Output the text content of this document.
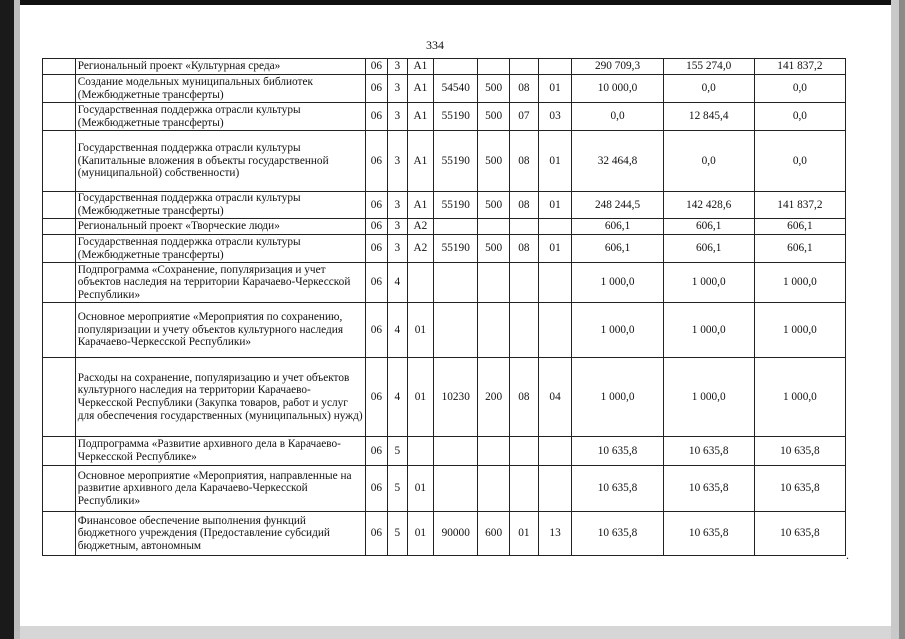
334
	Региональный проект «Культурная среда»	06	3	А1					290 709,3	155 274,0	141 837,2
	Создание модельных муниципальных библиотек (Межбюджетные трансферты)	06	3	А1	54540	500	08	01	10 000,0	0,0	0,0
	Государственная поддержка отрасли культуры (Межбюджетные трансферты)	06	3	А1	55190	500	07	03	0,0	12 845,4	0,0
	Государственная поддержка отрасли культуры (Капитальные вложения в объекты государственной (муниципальной) собственности)	06	3	А1	55190	500	08	01	32 464,8	0,0	0,0
	Государственная поддержка отрасли культуры (Межбюджетные трансферты)	06	3	А1	55190	500	08	01	248 244,5	142 428,6	141 837,2
	Региональный проект «Творческие люди»	06	3	А2					606,1	606,1	606,1
	Государственная поддержка отрасли культуры (Межбюджетные трансферты)	06	3	А2	55190	500	08	01	606,1	606,1	606,1
	Подпрограмма «Сохранение, популяризация и учет объектов наследия на территории Карачаево-Черкесской Республики»	06	4						1 000,0	1 000,0	1 000,0
	Основное мероприятие «Мероприятия по сохранению, популяризации и учету объектов культурного наследия Карачаево-Черкесской Республики»	06	4	01					1 000,0	1 000,0	1 000,0
	Расходы на сохранение, популяризацию и учет объектов культурного наследия на территории Карачаево-Черкесской Республики (Закупка товаров, работ и услуг для обеспечения государственных (муниципальных) нужд)	06	4	01	10230	200	08	04	1 000,0	1 000,0	1 000,0
	Подпрограмма «Развитие архивного дела в Карачаево-Черкесской Республике»	06	5						10 635,8	10 635,8	10 635,8
	Основное мероприятие «Мероприятия, направленные на развитие архивного дела Карачаево-Черкесской Республики»	06	5	01					10 635,8	10 635,8	10 635,8
	Финансовое обеспечение выполнения функций бюджетного учреждения (Предоставление субсидий бюджетным, автономным	06	5	01	90000	600	01	13	10 635,8	10 635,8	10 635,8
.
